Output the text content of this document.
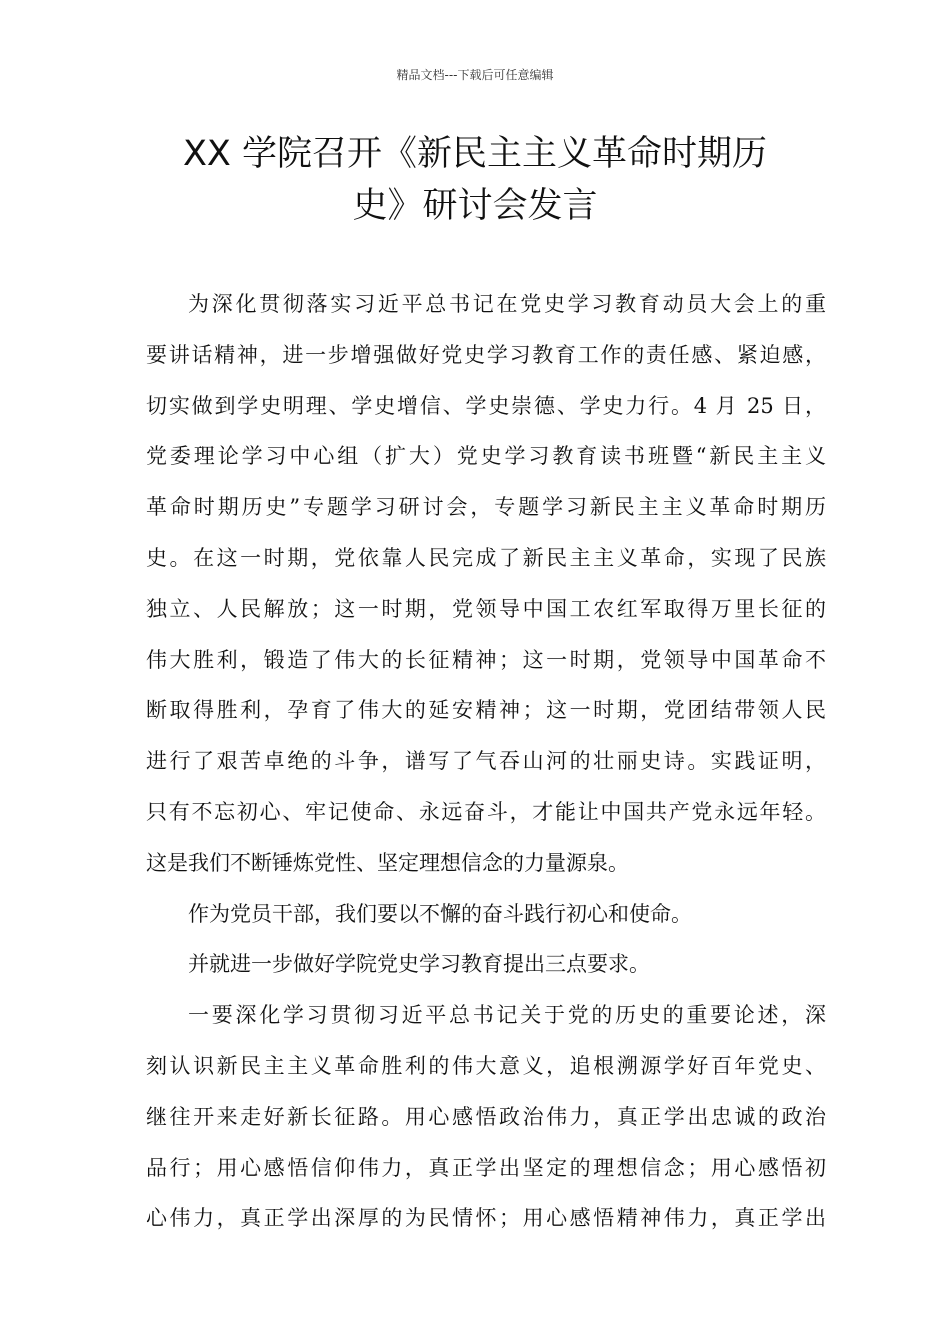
精品文档---下载后可任意编辑
XX 学院召开《新民主主义革命时期历
史》研讨会发言
为深化贯彻落实习近平总书记在党史学习教育动员大会上的重
要讲话精神，进一步增强做好党史学习教育工作的责任感、紧迫感，
切实做到学史明理、学史增信、学史崇德、学史力行。4 月 25 日，
党委理论学习中心组（扩大）党史学习教育读书班暨“新民主主义
革命时期历史”专题学习研讨会，专题学习新民主主义革命时期历
史。在这一时期，党依靠人民完成了新民主主义革命，实现了民族
独立、人民解放；这一时期，党领导中国工农红军取得万里长征的
伟大胜利，锻造了伟大的长征精神；这一时期，党领导中国革命不
断取得胜利，孕育了伟大的延安精神；这一时期，党团结带领人民
进行了艰苦卓绝的斗争，谱写了气吞山河的壮丽史诗。实践证明，
只有不忘初心、牢记使命、永远奋斗，才能让中国共产党永远年轻。
这是我们不断锤炼党性、坚定理想信念的力量源泉。
作为党员干部，我们要以不懈的奋斗践行初心和使命。
并就进一步做好学院党史学习教育提出三点要求。
一要深化学习贯彻习近平总书记关于党的历史的重要论述，深
刻认识新民主主义革命胜利的伟大意义，追根溯源学好百年党史、
继往开来走好新长征路。用心感悟政治伟力，真正学出忠诚的政治
品行；用心感悟信仰伟力，真正学出坚定的理想信念；用心感悟初
心伟力，真正学出深厚的为民情怀；用心感悟精神伟力，真正学出
